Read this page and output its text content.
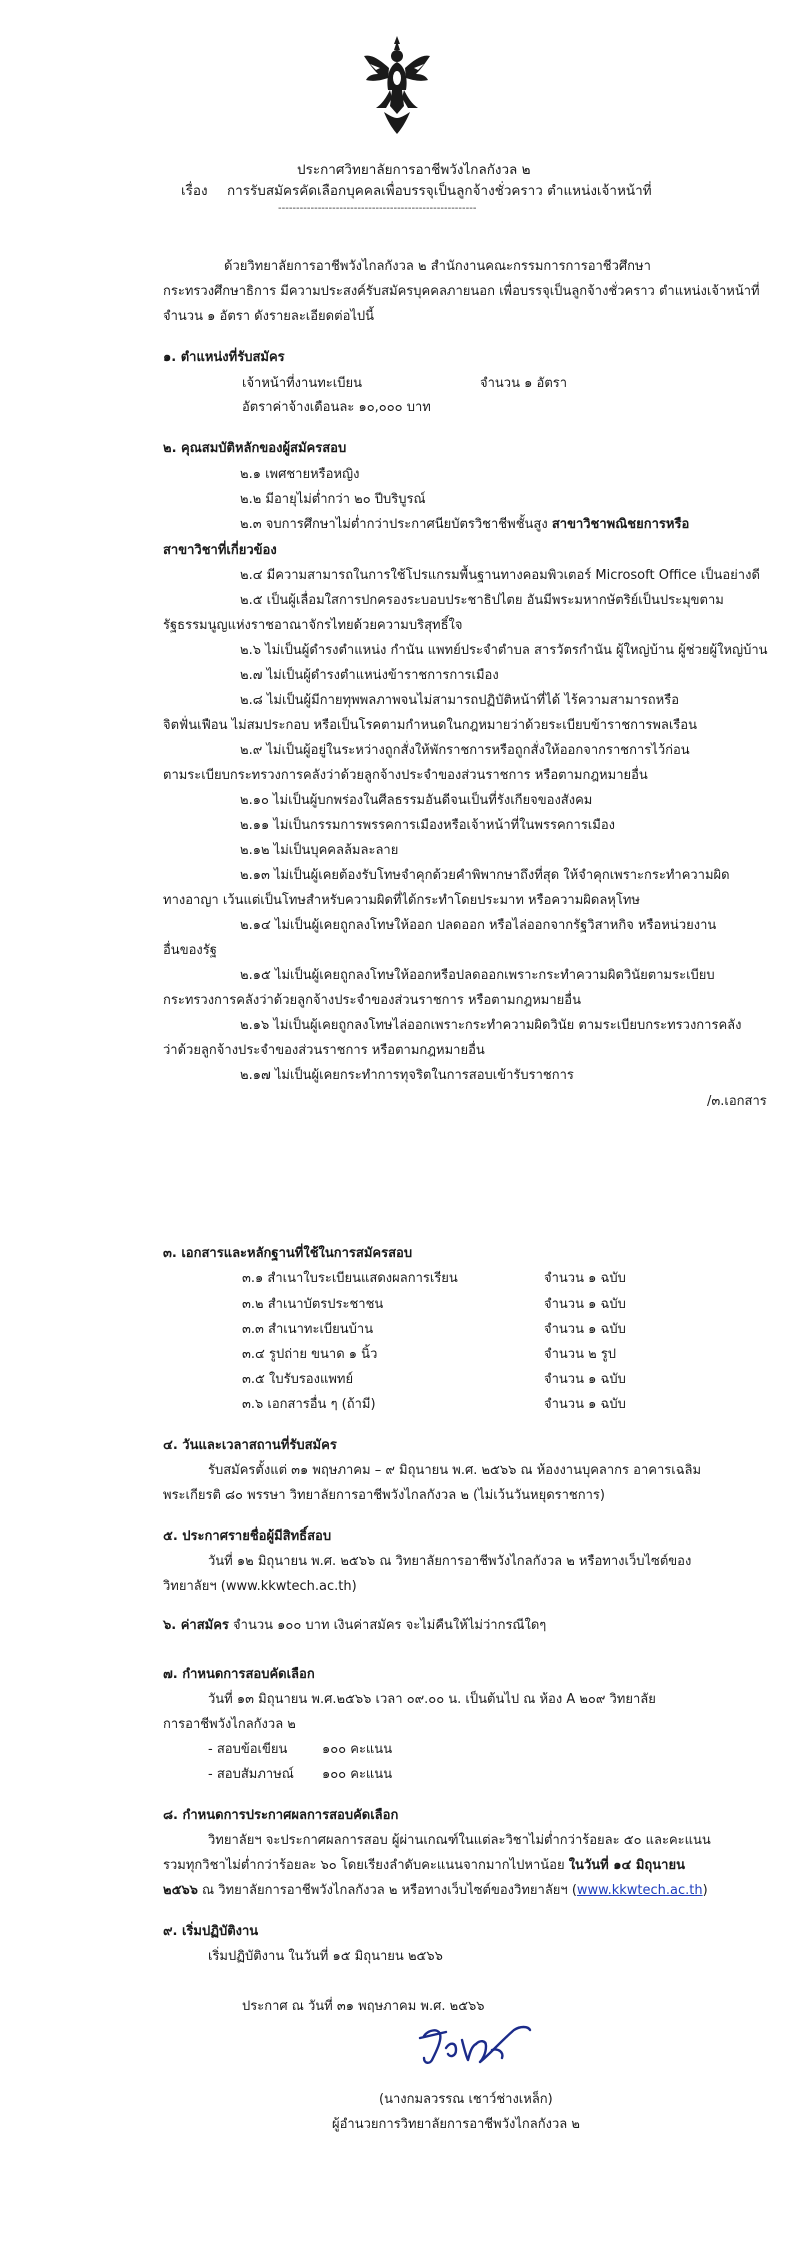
ประกาศวิทยาลัยการอาชีพวังไกลกังวล ๒
เรื่อง การรับสมัครคัดเลือกบุคคลเพื่อบรรจุเป็นลูกจ้างชั่วคราว ตำแหน่งเจ้าหน้าที่
-------------------------------------------------------
ด้วยวิทยาลัยการอาชีพวังไกลกังวล ๒ สำนักงานคณะกรรมการการอาชีวศึกษา
กระทรวงศึกษาธิการ มีความประสงค์รับสมัครบุคคลภายนอก เพื่อบรรจุเป็นลูกจ้างชั่วคราว ตำแหน่งเจ้าหน้าที่
จำนวน ๑ อัตรา ดังรายละเอียดต่อไปนี้
๑. ตำแหน่งที่รับสมัคร
เจ้าหน้าที่งานทะเบียน	จำนวน ๑ อัตรา
อัตราค่าจ้างเดือนละ ๑๐,๐๐๐ บาท
๒. คุณสมบัติหลักของผู้สมัครสอบ
๒.๑ เพศชายหรือหญิง
๒.๒ มีอายุไม่ต่ำกว่า ๒๐ ปีบริบูรณ์
๒.๓ จบการศึกษาไม่ต่ำกว่าประกาศนียบัตรวิชาชีพชั้นสูง สาขาวิชาพณิชยการหรือ
สาขาวิชาที่เกี่ยวข้อง
๒.๔ มีความสามารถในการใช้โปรแกรมพื้นฐานทางคอมพิวเตอร์ Microsoft Office เป็นอย่างดี
๒.๕ เป็นผู้เลื่อมใสการปกครองระบอบประชาธิปไตย อันมีพระมหากษัตริย์เป็นประมุขตาม
รัฐธรรมนูญแห่งราชอาณาจักรไทยด้วยความบริสุทธิ์ใจ
๒.๖ ไม่เป็นผู้ดำรงตำแหน่ง กำนัน แพทย์ประจำตำบล สารวัตรกำนัน ผู้ใหญ่บ้าน ผู้ช่วยผู้ใหญ่บ้าน
๒.๗ ไม่เป็นผู้ดำรงตำแหน่งข้าราชการการเมือง
๒.๘ ไม่เป็นผู้มีกายทุพพลภาพจนไม่สามารถปฏิบัติหน้าที่ได้ ไร้ความสามารถหรือ
จิตฟั่นเฟือน ไม่สมประกอบ หรือเป็นโรคตามกำหนดในกฎหมายว่าด้วยระเบียบข้าราชการพลเรือน
๒.๙ ไม่เป็นผู้อยู่ในระหว่างถูกสั่งให้พักราชการหรือถูกสั่งให้ออกจากราชการไว้ก่อน
ตามระเบียบกระทรวงการคลังว่าด้วยลูกจ้างประจำของส่วนราชการ หรือตามกฎหมายอื่น
๒.๑๐ ไม่เป็นผู้บกพร่องในศีลธรรมอันดีจนเป็นที่รังเกียจของสังคม
๒.๑๑ ไม่เป็นกรรมการพรรคการเมืองหรือเจ้าหน้าที่ในพรรคการเมือง
๒.๑๒ ไม่เป็นบุคคลล้มละลาย
๒.๑๓ ไม่เป็นผู้เคยต้องรับโทษจำคุกด้วยคำพิพากษาถึงที่สุด ให้จำคุกเพราะกระทำความผิด
ทางอาญา เว้นแต่เป็นโทษสำหรับความผิดที่ได้กระทำโดยประมาท หรือความผิดลหุโทษ
๒.๑๔ ไม่เป็นผู้เคยถูกลงโทษให้ออก ปลดออก หรือไล่ออกจากรัฐวิสาหกิจ หรือหน่วยงาน
อื่นของรัฐ
๒.๑๕ ไม่เป็นผู้เคยถูกลงโทษให้ออกหรือปลดออกเพราะกระทำความผิดวินัยตามระเบียบ
กระทรวงการคลังว่าด้วยลูกจ้างประจำของส่วนราชการ หรือตามกฎหมายอื่น
๒.๑๖ ไม่เป็นผู้เคยถูกลงโทษไล่ออกเพราะกระทำความผิดวินัย ตามระเบียบกระทรวงการคลัง
ว่าด้วยลูกจ้างประจำของส่วนราชการ หรือตามกฎหมายอื่น
๒.๑๗ ไม่เป็นผู้เคยกระทำการทุจริตในการสอบเข้ารับราชการ
/๓.เอกสาร
๓. เอกสารและหลักฐานที่ใช้ในการสมัครสอบ
๓.๑ สำเนาใบระเบียนแสดงผลการเรียน	จำนวน ๑ ฉบับ
๓.๒ สำเนาบัตรประชาชน	จำนวน ๑ ฉบับ
๓.๓ สำเนาทะเบียนบ้าน	จำนวน ๑ ฉบับ
๓.๔ รูปถ่าย ขนาด ๑ นิ้ว	จำนวน ๒ รูป
๓.๕ ใบรับรองแพทย์	จำนวน ๑ ฉบับ
๓.๖ เอกสารอื่น ๆ (ถ้ามี)	จำนวน ๑ ฉบับ
๔. วันและเวลาสถานที่รับสมัคร
รับสมัครตั้งแต่ ๓๑ พฤษภาคม – ๙ มิถุนายน พ.ศ. ๒๕๖๖ ณ ห้องงานบุคลากร อาคารเฉลิม
พระเกียรติ ๘๐ พรรษา วิทยาลัยการอาชีพวังไกลกังวล ๒ (ไม่เว้นวันหยุดราชการ)
๕. ประกาศรายชื่อผู้มีสิทธิ์สอบ
วันที่ ๑๒ มิถุนายน พ.ศ. ๒๕๖๖ ณ วิทยาลัยการอาชีพวังไกลกังวล ๒ หรือทางเว็บไซต์ของ
วิทยาลัยฯ (www.kkwtech.ac.th)
๖. ค่าสมัคร จำนวน ๑๐๐ บาท เงินค่าสมัคร จะไม่คืนให้ไม่ว่ากรณีใดๆ
๗. กำหนดการสอบคัดเลือก
วันที่ ๑๓ มิถุนายน พ.ศ.๒๕๖๖ เวลา ๐๙.๐๐ น. เป็นต้นไป ณ ห้อง A ๒๐๙ วิทยาลัย
การอาชีพวังไกลกังวล ๒
- สอบข้อเขียน	๑๐๐ คะแนน
- สอบสัมภาษณ์ ๑๐๐ คะแนน
๘. กำหนดการประกาศผลการสอบคัดเลือก
วิทยาลัยฯ จะประกาศผลการสอบ ผู้ผ่านเกณฑ์ในแต่ละวิชาไม่ต่ำกว่าร้อยละ ๕๐ และคะแนน
รวมทุกวิชาไม่ต่ำกว่าร้อยละ ๖๐ โดยเรียงลำดับคะแนนจากมากไปหาน้อย ในวันที่ ๑๔ มิถุนายน
๒๕๖๖ ณ วิทยาลัยการอาชีพวังไกลกังวล ๒ หรือทางเว็บไซต์ของวิทยาลัยฯ (www.kkwtech.ac.th)
๙. เริ่มปฏิบัติงาน
เริ่มปฏิบัติงาน ในวันที่ ๑๕ มิถุนายน ๒๕๖๖
ประกาศ ณ วันที่ ๓๑ พฤษภาคม พ.ศ. ๒๕๖๖
(นางกมลวรรณ เชาว์ช่างเหล็ก)
ผู้อำนวยการวิทยาลัยการอาชีพวังไกลกังวล ๒
